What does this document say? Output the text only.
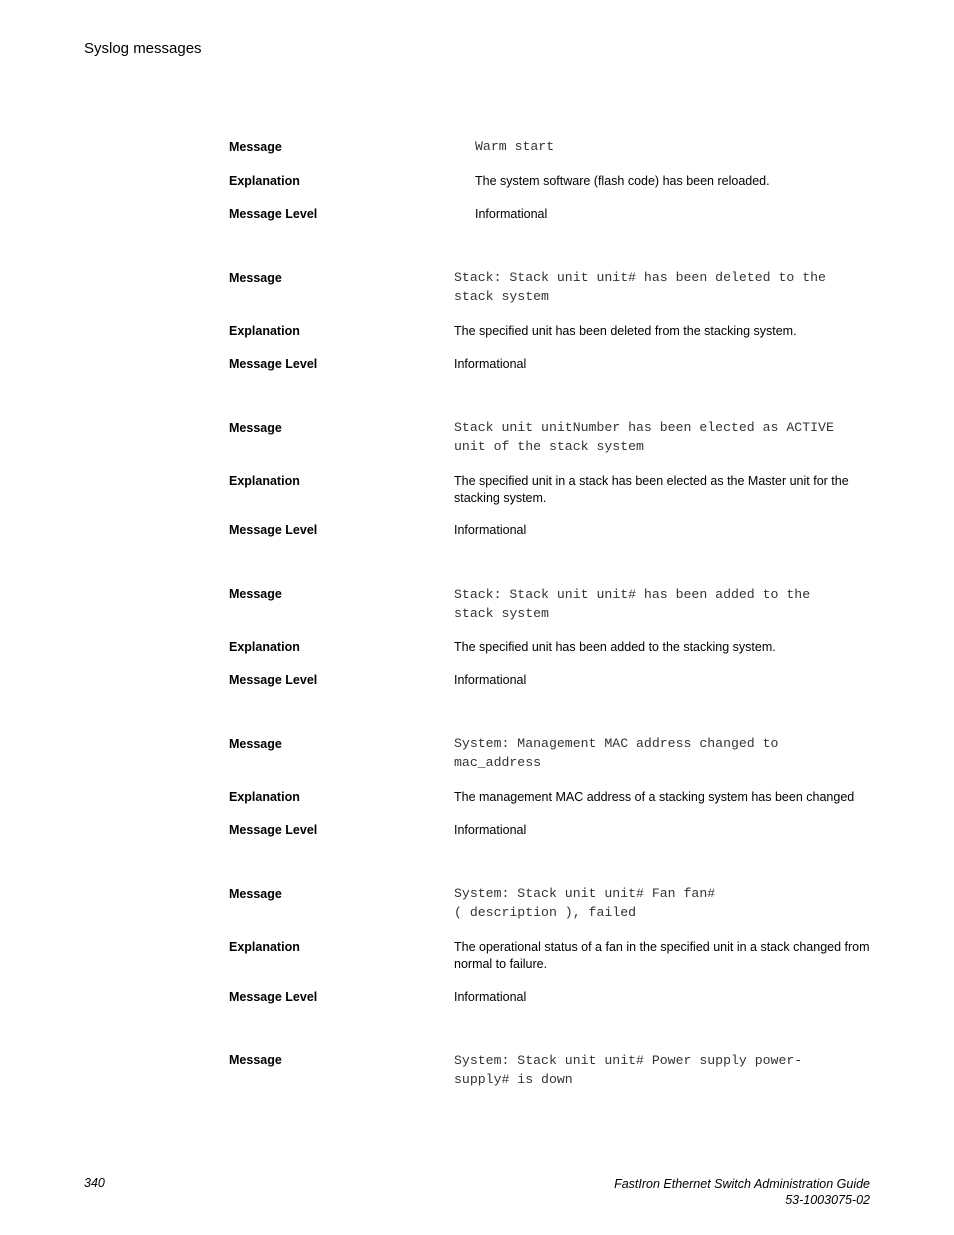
Syslog messages
Message	Warm start
Explanation	The system software (flash code) has been reloaded.
Message Level	Informational
Message	Stack: Stack unit unit# has been deleted to the
stack system
Explanation	The specified unit has been deleted from the stacking system.
Message Level	Informational
Message	Stack unit unitNumber has been elected as ACTIVE
unit of the stack system
Explanation	The specified unit in a stack has been elected as the Master unit for the stacking system.
Message Level	Informational
Message	Stack: Stack unit unit# has been added to the
stack system
Explanation	The specified unit has been added to the stacking system.
Message Level	Informational
Message	System: Management MAC address changed to
mac_address
Explanation	The management MAC address of a stacking system has been changed
Message Level	Informational
Message	System: Stack unit unit# Fan fan#
( description ), failed
Explanation	The operational status of a fan in the specified unit in a stack changed from normal to failure.
Message Level	Informational
Message	System: Stack unit unit# Power supply power-
supply# is down
340	FastIron Ethernet Switch Administration Guide
53-1003075-02
